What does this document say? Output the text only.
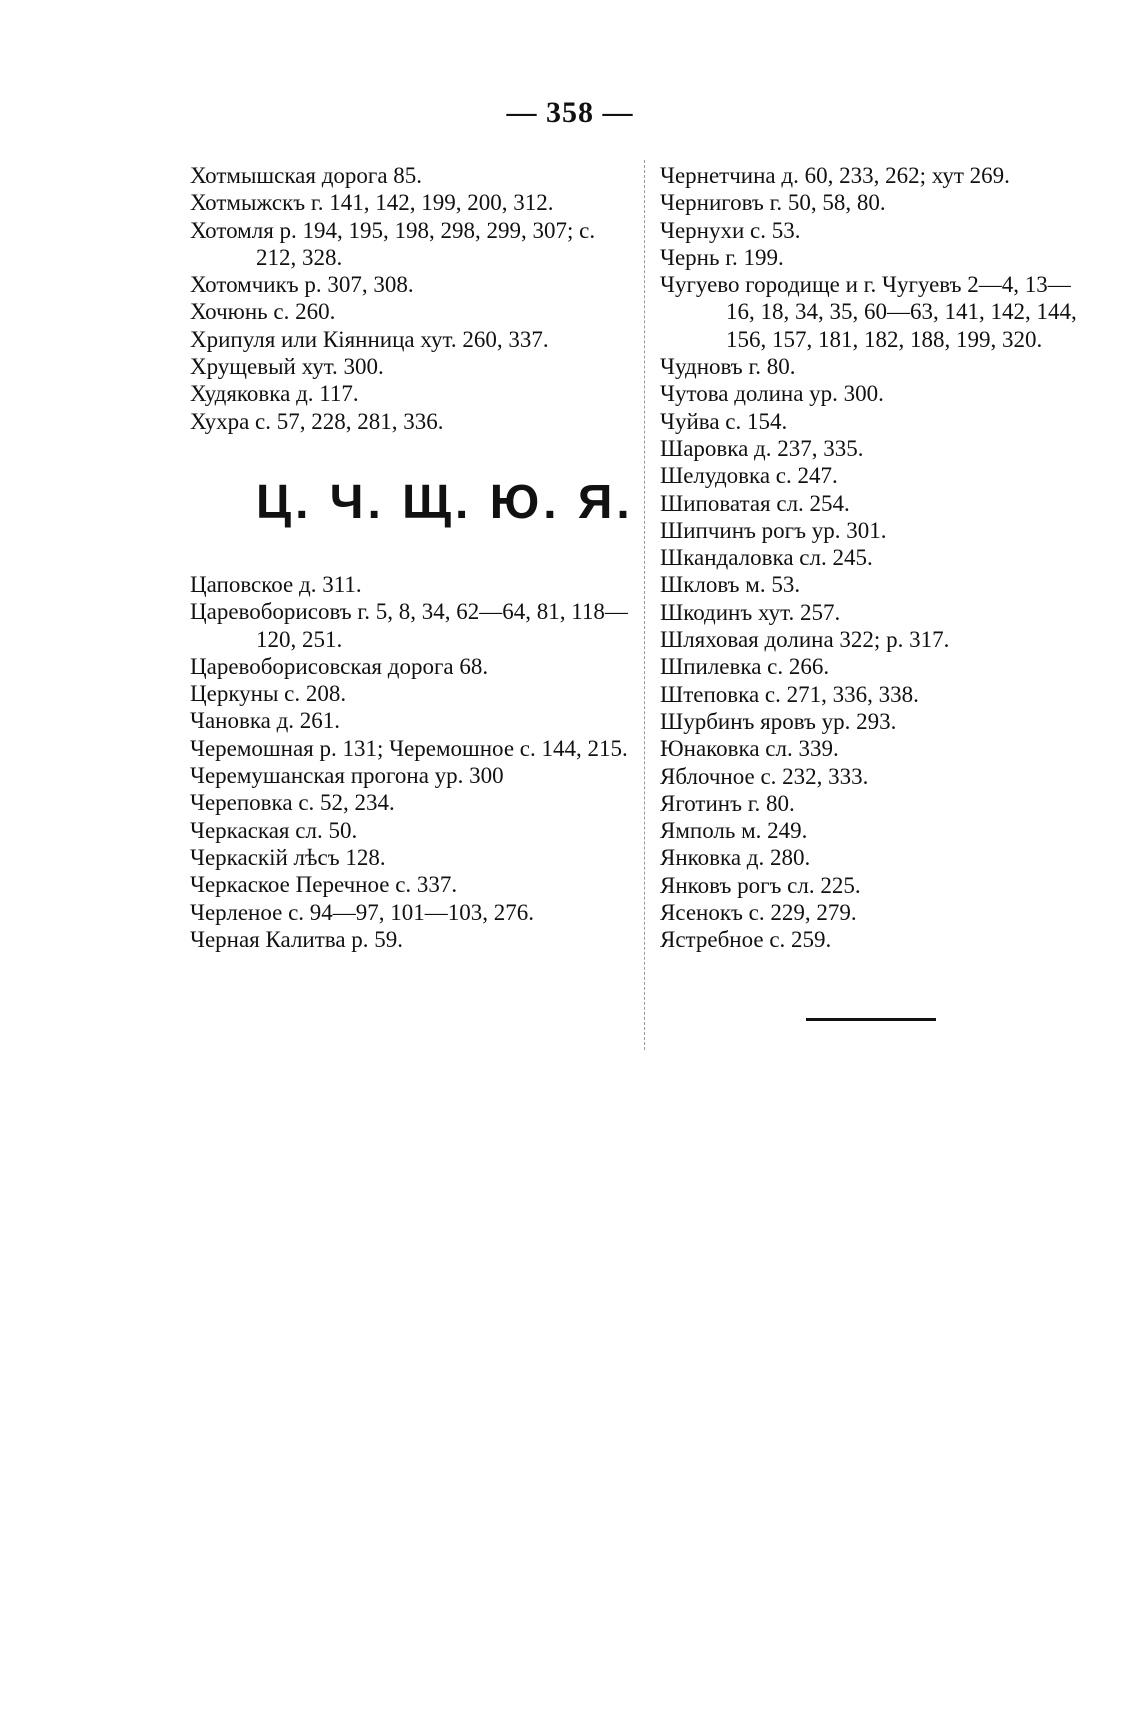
— 358 —
Хотмышская дорога 85.
Хотмыжскъ г. 141, 142, 199, 200, 312.
Хотомля р. 194, 195, 198, 298, 299, 307; с. 212, 328.
Хотомчикъ р. 307, 308.
Хочюнь с. 260.
Хрипуля или Кіянница хут. 260, 337.
Хрущевый хут. 300.
Худяковка д. 117.
Хухра с. 57, 228, 281, 336.
Ц. Ч. Щ. Ю. Я.
Цаповское д. 311.
Царевоборисовъ г. 5, 8, 34, 62—64, 81, 118—120, 251.
Царевоборисовская дорога 68.
Церкуны с. 208.
Чановка д. 261.
Черемошная р. 131; Черемошное с. 144, 215.
Черемушанская прогона ур. 300
Череповка с. 52, 234.
Черкаская сл. 50.
Черкаскій лѣсъ 128.
Черкаское Перечное с. 337.
Черленое с. 94—97, 101—103, 276.
Черная Калитва р. 59.
Чернетчина д. 60, 233, 262; хут 269.
Черниговъ г. 50, 58, 80.
Чернухи с. 53.
Чернь г. 199.
Чугуево городище и г. Чугуевъ 2—4, 13—16, 18, 34, 35, 60—63, 141, 142, 144, 156, 157, 181, 182, 188, 199, 320.
Чудновъ г. 80.
Чутова долина ур. 300.
Чуйва с. 154.
Шаровка д. 237, 335.
Шелудовка с. 247.
Шиповатая сл. 254.
Шипчинъ рогъ ур. 301.
Шкандаловка сл. 245.
Шкловъ м. 53.
Шкодинъ хут. 257.
Шляховая долина 322; р. 317.
Шпилевка с. 266.
Штеповка с. 271, 336, 338.
Шурбинъ яровъ ур. 293.
Юнаковка сл. 339.
Яблочное с. 232, 333.
Яготинъ г. 80.
Ямполь м. 249.
Янковка д. 280.
Янковъ рогъ сл. 225.
Ясенокъ с. 229, 279.
Ястребное с. 259.
